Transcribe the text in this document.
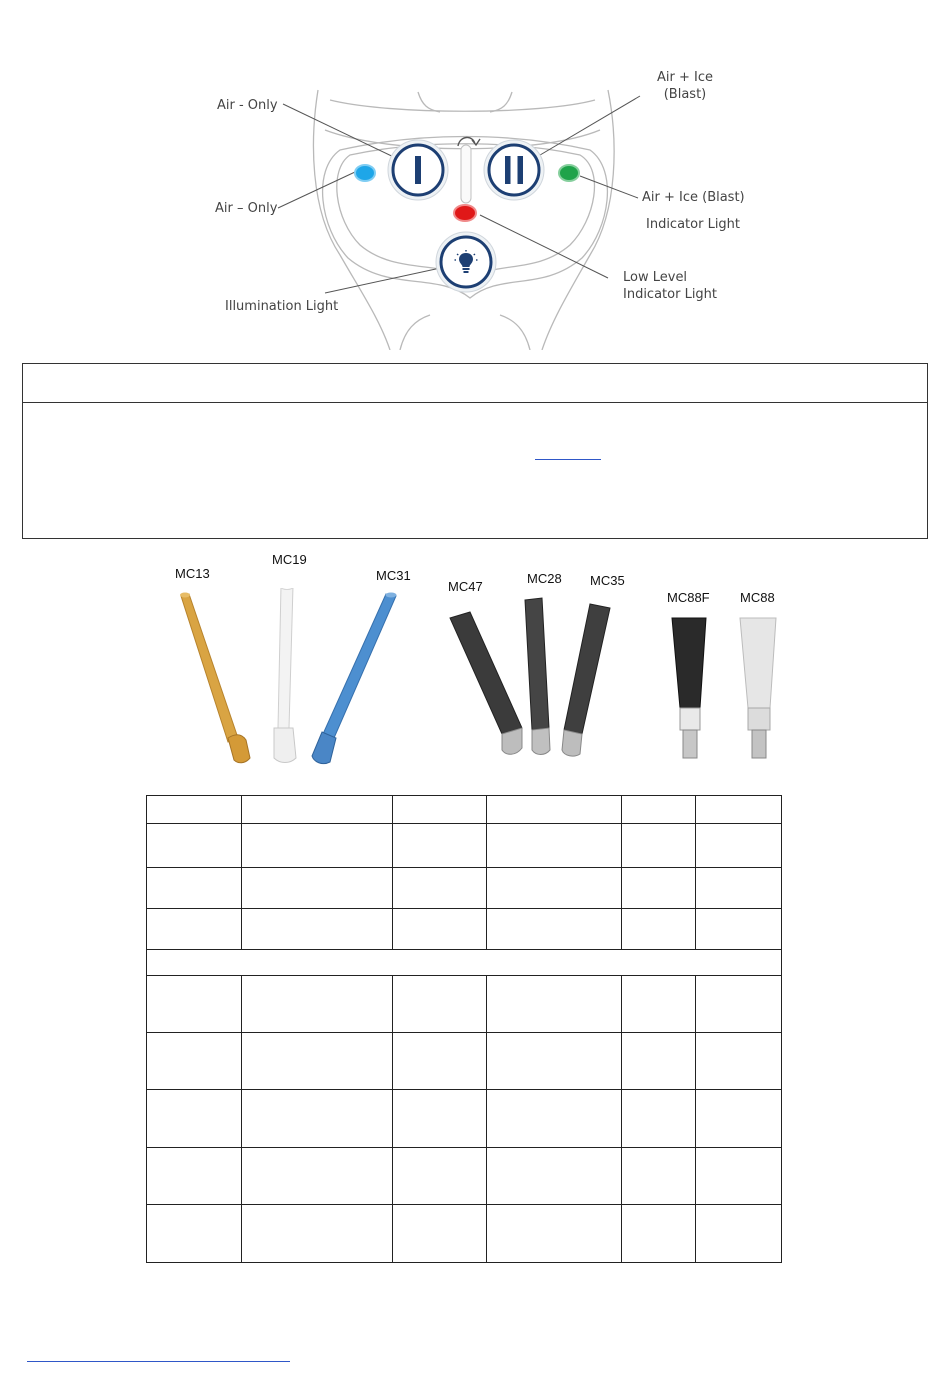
Air - Only
Air – Only
Air + Ice
(Blast)
Air + Ice (Blast)
Indicator Light
Low Level
Indicator Light
Illumination Light
MC13
MC19
MC31
MC47
MC28 MC35
MC88F MC88
